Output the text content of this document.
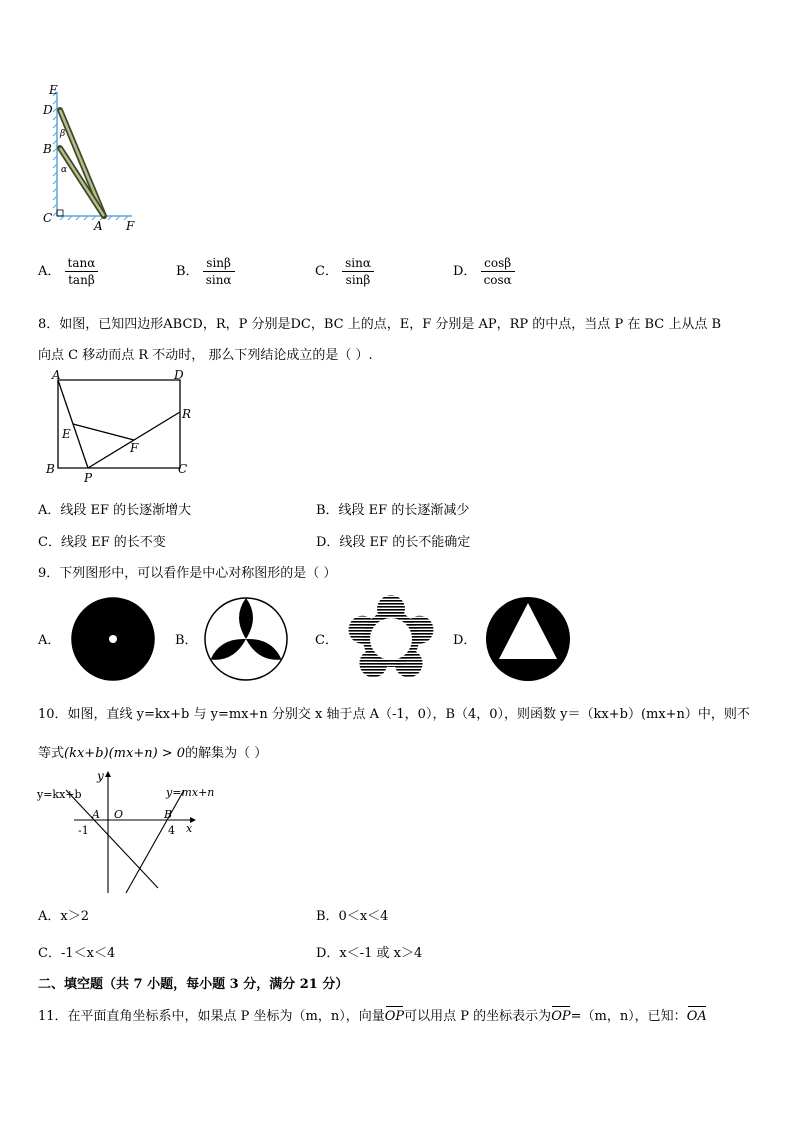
E
D
β
B
α
C
A F
A． $\frac{\tan\alpha}{\tan\beta}$	B． $\frac{\sin\beta}{\sin\alpha}$	C． $\frac{\sin\alpha}{\sin\beta}$	D． $\frac{\cos\beta}{\cos\alpha}$
8．如图，已知四边形ABCD，R，P 分别是DC，BC 上的点，E，F 分别是 AP，RP 的中点，当点 P 在 BC 上从点 B
向点 C 移动而点 R 不动时， 那么下列结论成立的是（ ）.
A	D
R
E
F
B
P
C
A．线段 EF 的长逐渐增大	B．线段 EF 的长逐渐减少
C．线段 EF 的长不变	D．线段 EF 的长不能确定
9．下列图形中，可以看作是中心对称图形的是（ ）
A．	B．	C．	D．
10．如图，直线 y=kx+b 与 y=mx+n 分别交 x 轴于点 A（-1，0），B（4，0），则函数 y＝（kx+b）(mx+n）中，则不
等式(kx+b)(mx+n) > 0的解集为（ ）
y
y=kx+b	y=mx+n
A O	B
-1	4 x
A．x＞2	B．0＜x＜4
C．-1＜x＜4	D．x＜-1 或 x＞4
二、填空题（共 7 小题，每小题 3 分，满分 21 分）
11．在平面直角坐标系中，如果点 P 坐标为（m，n），向量OP可以用点 P 的坐标表示为OP=（m，n），已知：OA
